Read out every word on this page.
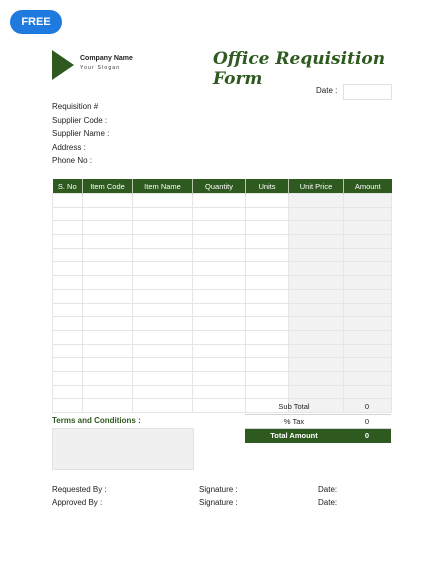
FREE
Company Name
Your Slogan	Office Requisition Form
Date :
Requisition #
Supplier Code :
Supplier Name :
Address :
Phone No :
S. No	Item Code	Item Name	Quantity	Units	Unit Price	Amount

Sub Total	0
% Tax	0
Total Amount	0
Terms and Conditions :
Requested By :	Signature :	Date:
Approved By :	Signature :	Date:
